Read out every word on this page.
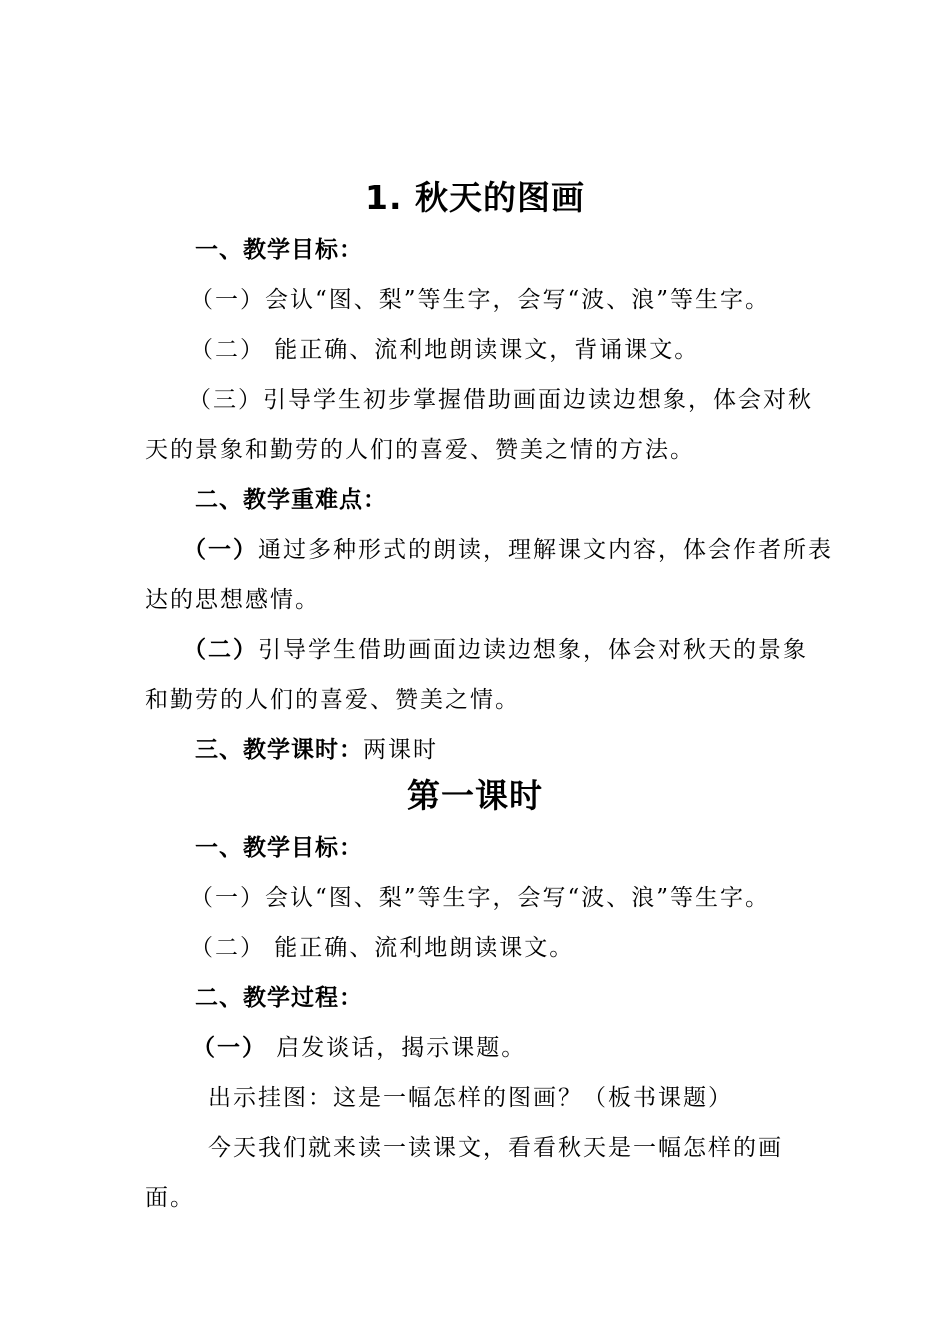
1. 秋天的图画
一、教学目标：
（一）会认“图、梨”等生字，会写“波、浪”等生字。
（二） 能正确、流利地朗读课文，背诵课文。
（三）引导学生初步掌握借助画面边读边想象，体会对秋
天的景象和勤劳的人们的喜爱、赞美之情的方法。
二、教学重难点：
（一）通过多种形式的朗读，理解课文内容，体会作者所表
达的思想感情。
（二）引导学生借助画面边读边想象，体会对秋天的景象
和勤劳的人们的喜爱、赞美之情。
三、教学课时：两课时
第一课时
一、教学目标：
（一）会认“图、梨”等生字，会写“波、浪”等生字。
（二） 能正确、流利地朗读课文。
二、教学过程：
（一） 启发谈话，揭示课题。
出示挂图：这是一幅怎样的图画？（板书课题）
今天我们就来读一读课文，看看秋天是一幅怎样的画
面。
